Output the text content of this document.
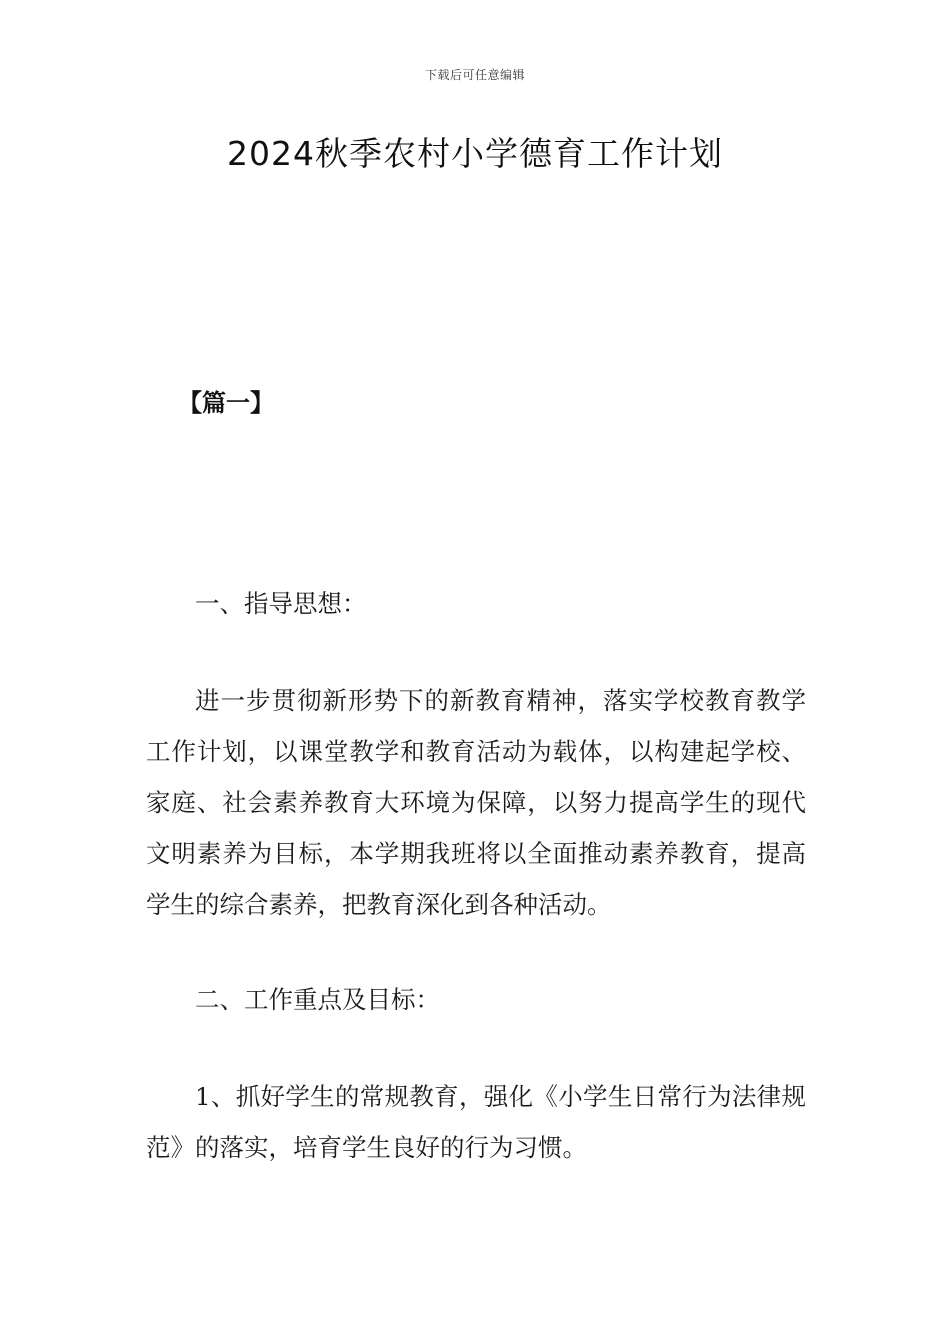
下载后可任意编辑
2024秋季农村小学德育工作计划
【篇一】

一、指导思想：

进一步贯彻新形势下的新教育精神，落实学校教育教学工作计划，以课堂教学和教育活动为载体，以构建起学校、家庭、社会素养教育大环境为保障，以努力提高学生的现代文明素养为目标，本学期我班将以全面推动素养教育，提高学生的综合素养，把教育深化到各种活动。

二、工作重点及目标：

1、抓好学生的常规教育，强化《小学生日常行为法律规范》的落实，培育学生良好的行为习惯。
